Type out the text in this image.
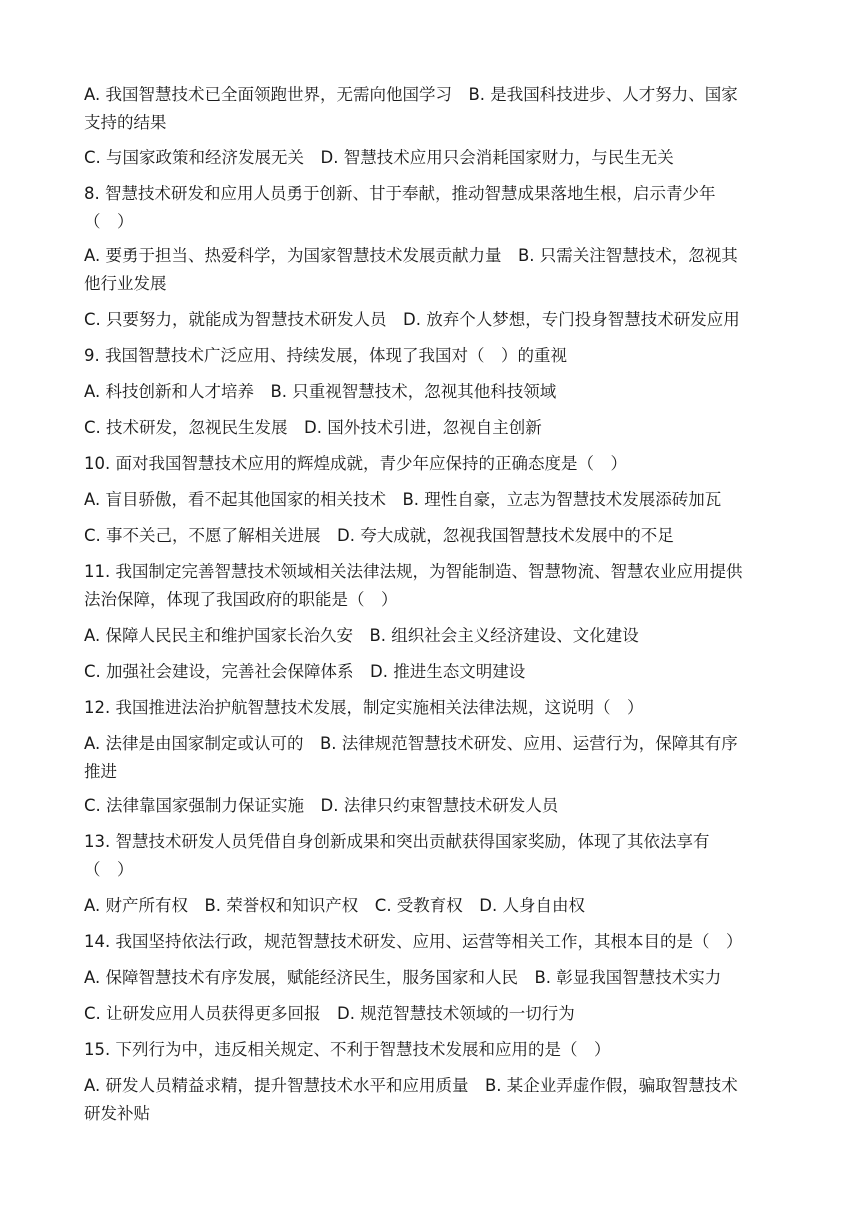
A. 我国智慧技术已全面领跑世界，无需向他国学习　B. 是我国科技进步、人才努力、国家
支持的结果
C. 与国家政策和经济发展无关　D. 智慧技术应用只会消耗国家财力，与民生无关
8. 智慧技术研发和应用人员勇于创新、甘于奉献，推动智慧成果落地生根，启示青少年
（　）
A. 要勇于担当、热爱科学，为国家智慧技术发展贡献力量　B. 只需关注智慧技术，忽视其
他行业发展
C. 只要努力，就能成为智慧技术研发人员　D. 放弃个人梦想，专门投身智慧技术研发应用
9. 我国智慧技术广泛应用、持续发展，体现了我国对（　）的重视
A. 科技创新和人才培养　B. 只重视智慧技术，忽视其他科技领域
C. 技术研发，忽视民生发展　D. 国外技术引进，忽视自主创新
10. 面对我国智慧技术应用的辉煌成就，青少年应保持的正确态度是（　）
A. 盲目骄傲，看不起其他国家的相关技术　B. 理性自豪，立志为智慧技术发展添砖加瓦
C. 事不关己，不愿了解相关进展　D. 夸大成就，忽视我国智慧技术发展中的不足
11. 我国制定完善智慧技术领域相关法律法规，为智能制造、智慧物流、智慧农业应用提供
法治保障，体现了我国政府的职能是（　）
A. 保障人民民主和维护国家长治久安　B. 组织社会主义经济建设、文化建设
C. 加强社会建设，完善社会保障体系　D. 推进生态文明建设
12. 我国推进法治护航智慧技术发展，制定实施相关法律法规，这说明（　）
A. 法律是由国家制定或认可的　B. 法律规范智慧技术研发、应用、运营行为，保障其有序
推进
C. 法律靠国家强制力保证实施　D. 法律只约束智慧技术研发人员
13. 智慧技术研发人员凭借自身创新成果和突出贡献获得国家奖励，体现了其依法享有
（　）
A. 财产所有权　B. 荣誉权和知识产权　C. 受教育权　D. 人身自由权
14. 我国坚持依法行政，规范智慧技术研发、应用、运营等相关工作，其根本目的是（　）
A. 保障智慧技术有序发展，赋能经济民生，服务国家和人民　B. 彰显我国智慧技术实力
C. 让研发应用人员获得更多回报　D. 规范智慧技术领域的一切行为
15. 下列行为中，违反相关规定、不利于智慧技术发展和应用的是（　）
A. 研发人员精益求精，提升智慧技术水平和应用质量　B. 某企业弄虚作假，骗取智慧技术
研发补贴
